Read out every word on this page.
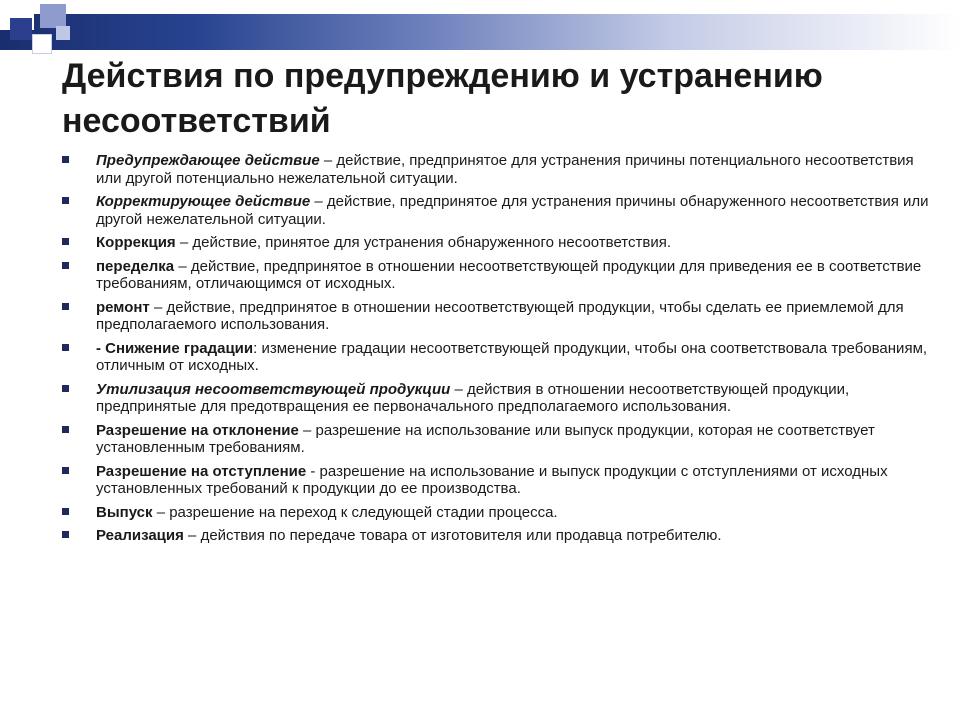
Действия по предупреждению и устранению несоответствий
Предупреждающее действие – действие, предпринятое для устранения причины потенциального несоответствия или другой потенциально нежелательной ситуации.
Корректирующее действие – действие, предпринятое для устранения причины обнаруженного несоответствия или другой нежелательной ситуации.
Коррекция – действие, принятое для устранения обнаруженного несоответствия.
переделка – действие, предпринятое в отношении несоответствующей продукции для приведения ее в соответствие требованиям, отличающимся от исходных.
ремонт – действие, предпринятое в отношении несоответствующей продукции, чтобы сделать ее приемлемой для предполагаемого использования.
- Снижение градации: изменение градации несоответствующей продукции, чтобы она соответствовала требованиям, отличным от исходных.
Утилизация несоответствующей продукции – действия в отношении несоответствующей продукции, предпринятые для предотвращения ее первоначального предполагаемого использования.
Разрешение на отклонение – разрешение на использование или выпуск продукции, которая не соответствует установленным требованиям.
Разрешение на отступление - разрешение на использование и выпуск продукции с отступлениями от исходных установленных требований к продукции до ее производства.
Выпуск – разрешение на переход к следующей стадии процесса.
Реализация – действия по передаче товара от изготовителя или продавца потребителю.
